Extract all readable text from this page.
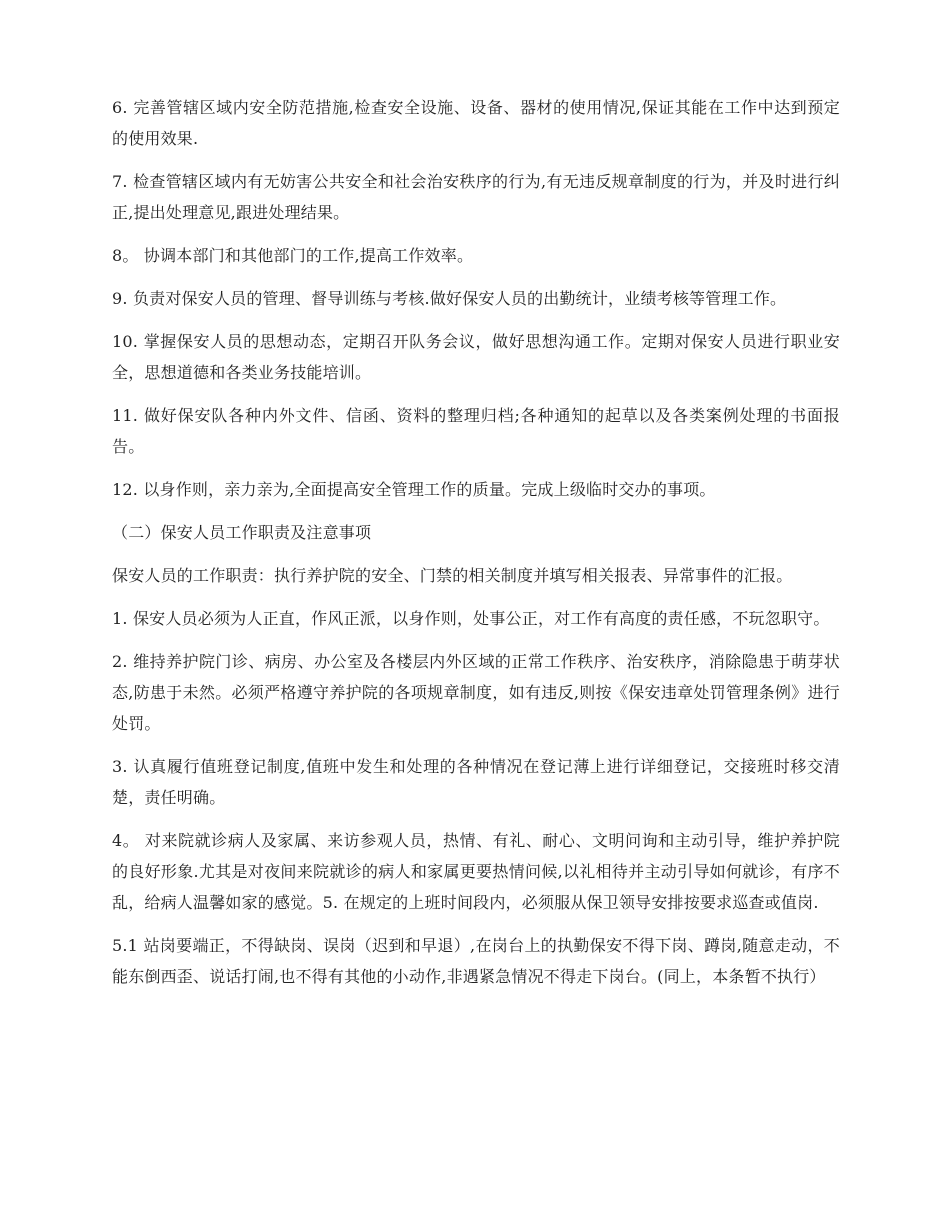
6. 完善管辖区域内安全防范措施,检查安全设施、设备、器材的使用情况,保证其能在工作中达到预定的使用效果.

7. 检查管辖区域内有无妨害公共安全和社会治安秩序的行为,有无违反规章制度的行为，并及时进行纠正,提出处理意见,跟进处理结果。

8。 协调本部门和其他部门的工作,提高工作效率。

9. 负责对保安人员的管理、督导训练与考核.做好保安人员的出勤统计，业绩考核等管理工作。

10. 掌握保安人员的思想动态，定期召开队务会议，做好思想沟通工作。定期对保安人员进行职业安全，思想道德和各类业务技能培训。

11. 做好保安队各种内外文件、信函、资料的整理归档;各种通知的起草以及各类案例处理的书面报告。

12. 以身作则，亲力亲为,全面提高安全管理工作的质量。完成上级临时交办的事项。

（二）保安人员工作职责及注意事项

保安人员的工作职责：执行养护院的安全、门禁的相关制度并填写相关报表、异常事件的汇报。

1. 保安人员必须为人正直，作风正派，以身作则，处事公正，对工作有高度的责任感，不玩忽职守。

2. 维持养护院门诊、病房、办公室及各楼层内外区域的正常工作秩序、治安秩序，消除隐患于萌芽状态,防患于未然。必须严格遵守养护院的各项规章制度，如有违反,则按《保安违章处罚管理条例》进行处罚。

3. 认真履行值班登记制度,值班中发生和处理的各种情况在登记薄上进行详细登记，交接班时移交清楚，责任明确。

4。 对来院就诊病人及家属、来访参观人员，热情、有礼、耐心、文明问询和主动引导，维护养护院的良好形象.尤其是对夜间来院就诊的病人和家属更要热情问候,以礼相待并主动引导如何就诊，有序不乱，给病人温馨如家的感觉。5. 在规定的上班时间段内，必须服从保卫领导安排按要求巡查或值岗.

5.1 站岗要端正，不得缺岗、误岗（迟到和早退）,在岗台上的执勤保安不得下岗、蹲岗,随意走动，不能东倒西歪、说话打闹,也不得有其他的小动作,非遇紧急情况不得走下岗台。(同上，本条暂不执行）
